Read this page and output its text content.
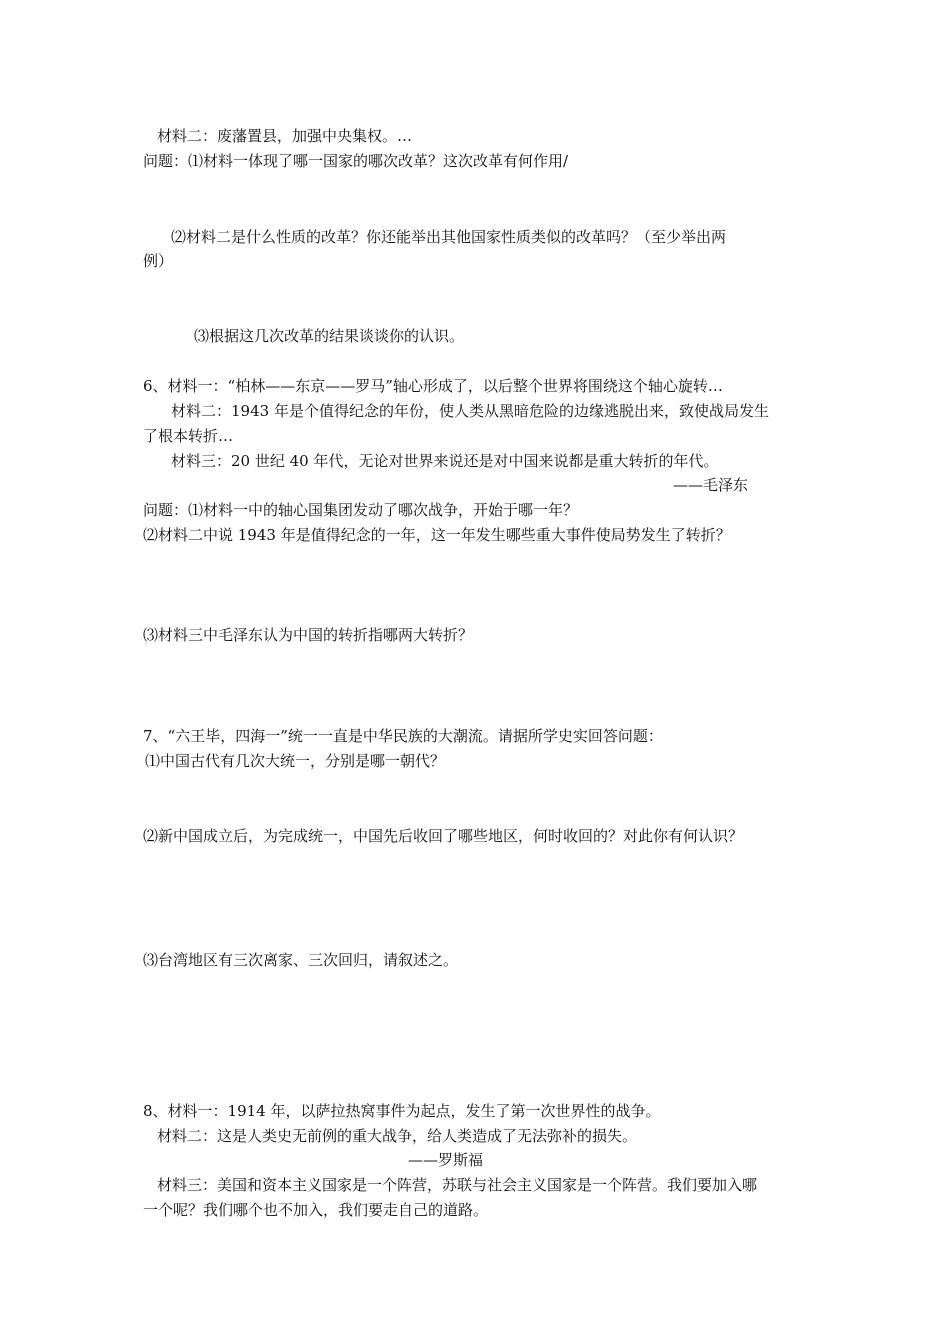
材料二：废藩置县，加强中央集权。…
问题：⑴材料一体现了哪一国家的哪次改革？这次改革有何作用/
⑵材料二是什么性质的改革？你还能举出其他国家性质类似的改革吗？（至少举出两
例）
⑶根据这几次改革的结果谈谈你的认识。
6、材料一：“柏林——东京——罗马”轴心形成了，以后整个世界将围绕这个轴心旋转…
材料二：1943 年是个值得纪念的年份，使人类从黑暗危险的边缘逃脱出来，致使战局发生
了根本转折…
材料三：20 世纪 40 年代，无论对世界来说还是对中国来说都是重大转折的年代。
——毛泽东
问题：⑴材料一中的轴心国集团发动了哪次战争，开始于哪一年？
⑵材料二中说 1943 年是值得纪念的一年，这一年发生哪些重大事件使局势发生了转折？
⑶材料三中毛泽东认为中国的转折指哪两大转折？
7、“六王毕，四海一”统一一直是中华民族的大潮流。请据所学史实回答问题：
⑴中国古代有几次大统一，分别是哪一朝代？
⑵新中国成立后，为完成统一，中国先后收回了哪些地区，何时收回的？对此你有何认识？
⑶台湾地区有三次离家、三次回归，请叙述之。
8、材料一：1914 年，以萨拉热窝事件为起点，发生了第一次世界性的战争。
材料二：这是人类史无前例的重大战争，给人类造成了无法弥补的损失。
——罗斯福
材料三：美国和资本主义国家是一个阵营，苏联与社会主义国家是一个阵营。我们要加入哪
一个呢？我们哪个也不加入，我们要走自己的道路。
